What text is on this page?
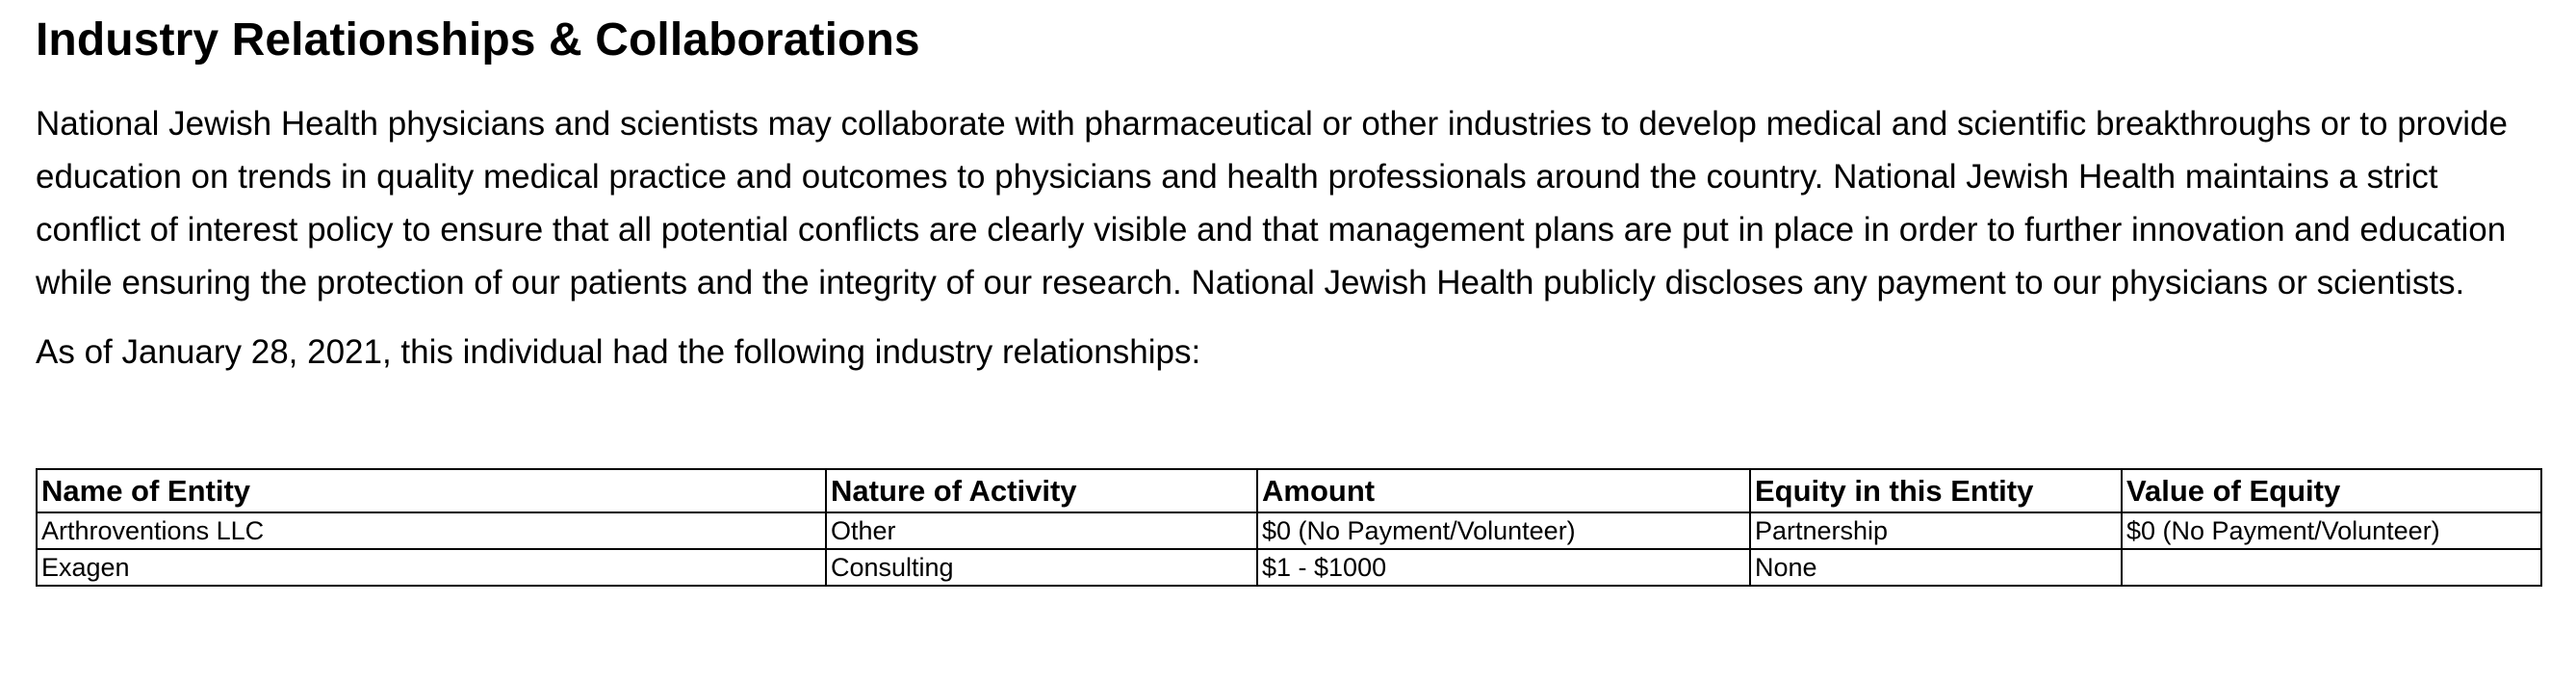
Industry Relationships & Collaborations

National Jewish Health physicians and scientists may collaborate with pharmaceutical or other industries to develop medical and scientific breakthroughs or to provide education on trends in quality medical practice and outcomes to physicians and health professionals around the country. National Jewish Health maintains a strict conflict of interest policy to ensure that all potential conflicts are clearly visible and that management plans are put in place in order to further innovation and education while ensuring the protection of our patients and the integrity of our research. National Jewish Health publicly discloses any payment to our physicians or scientists.

As of January 28, 2021, this individual had the following industry relationships:

Name of Entity	Nature of Activity	Amount	Equity in this Entity	Value of Equity
Arthroventions LLC	Other	$0 (No Payment/Volunteer)	Partnership	$0 (No Payment/Volunteer)
Exagen	Consulting	$1 - $1000	None	
